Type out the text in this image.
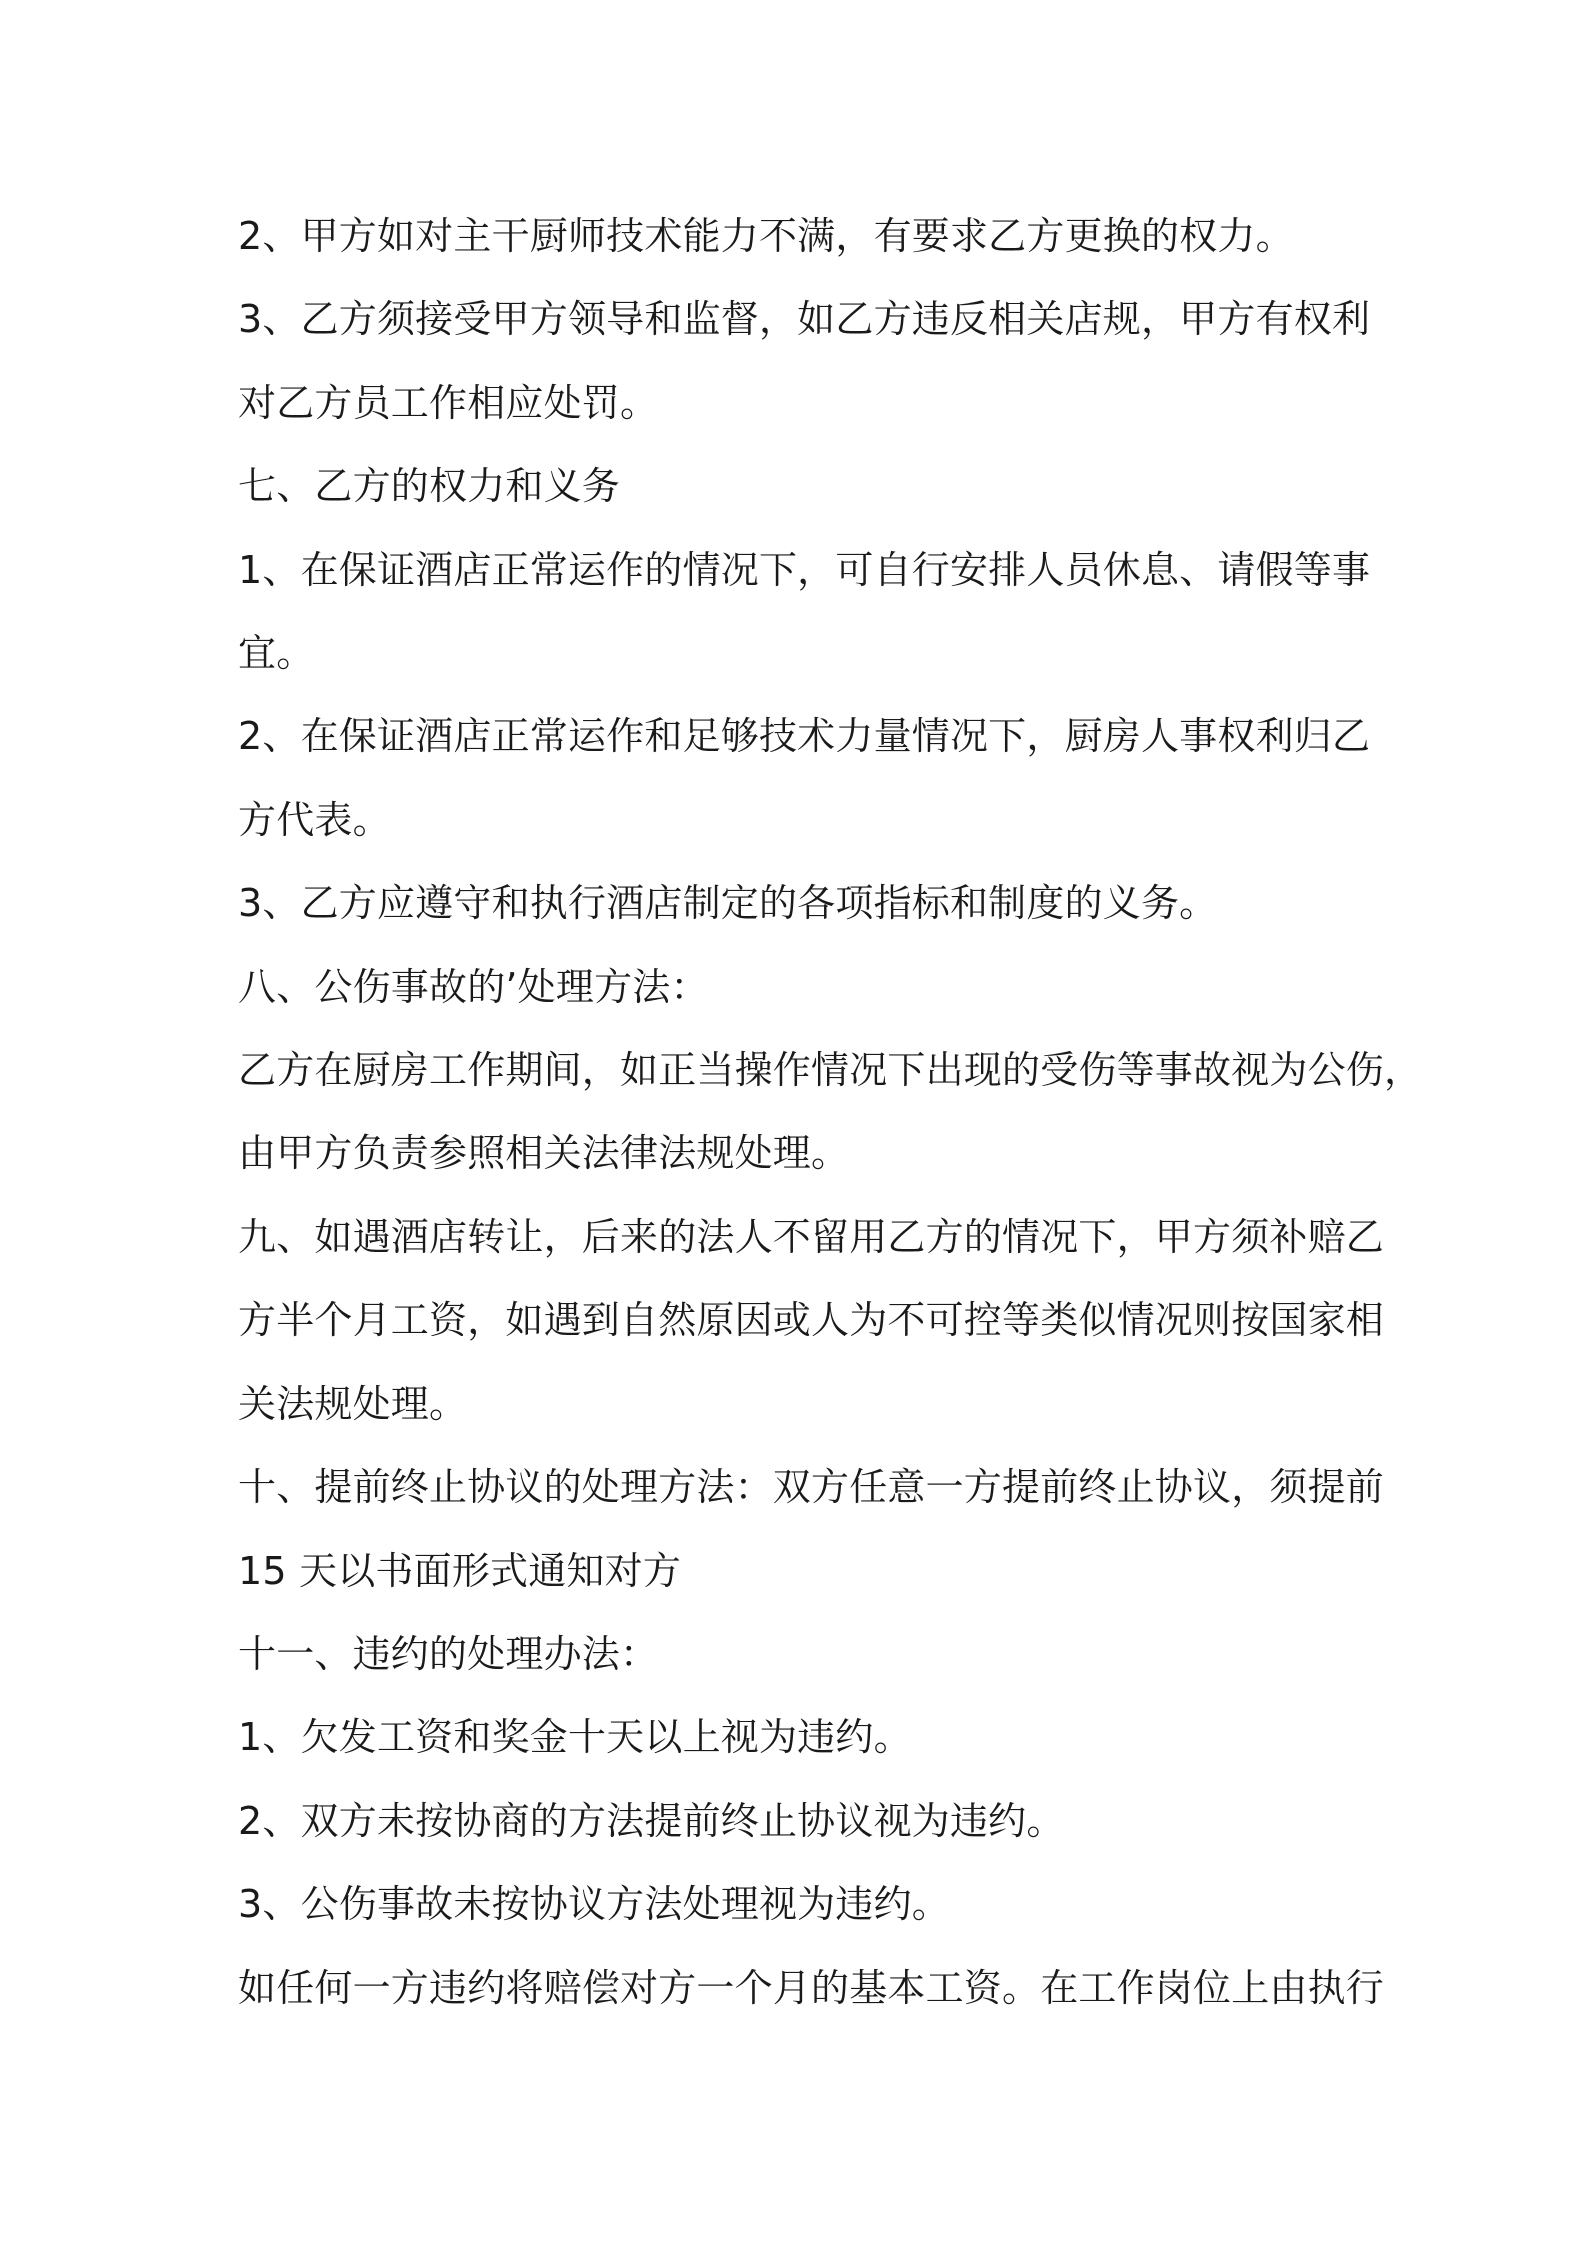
2、甲方如对主干厨师技术能力不满，有要求乙方更换的权力。
3、乙方须接受甲方领导和监督，如乙方违反相关店规，甲方有权利
对乙方员工作相应处罚。
七、乙方的权力和义务
1、在保证酒店正常运作的情况下，可自行安排人员休息、请假等事
宜。
2、在保证酒店正常运作和足够技术力量情况下，厨房人事权利归乙
方代表。
3、乙方应遵守和执行酒店制定的各项指标和制度的义务。
八、公伤事故的’处理方法：
乙方在厨房工作期间，如正当操作情况下出现的受伤等事故视为公伤，
由甲方负责参照相关法律法规处理。
九、如遇酒店转让，后来的法人不留用乙方的情况下，甲方须补赔乙
方半个月工资，如遇到自然原因或人为不可控等类似情况则按国家相
关法规处理。
十、提前终止协议的处理方法：双方任意一方提前终止协议，须提前
15 天以书面形式通知对方
十一、违约的处理办法：
1、欠发工资和奖金十天以上视为违约。
2、双方未按协商的方法提前终止协议视为违约。
3、公伤事故未按协议方法处理视为违约。
如任何一方违约将赔偿对方一个月的基本工资。在工作岗位上由执行
